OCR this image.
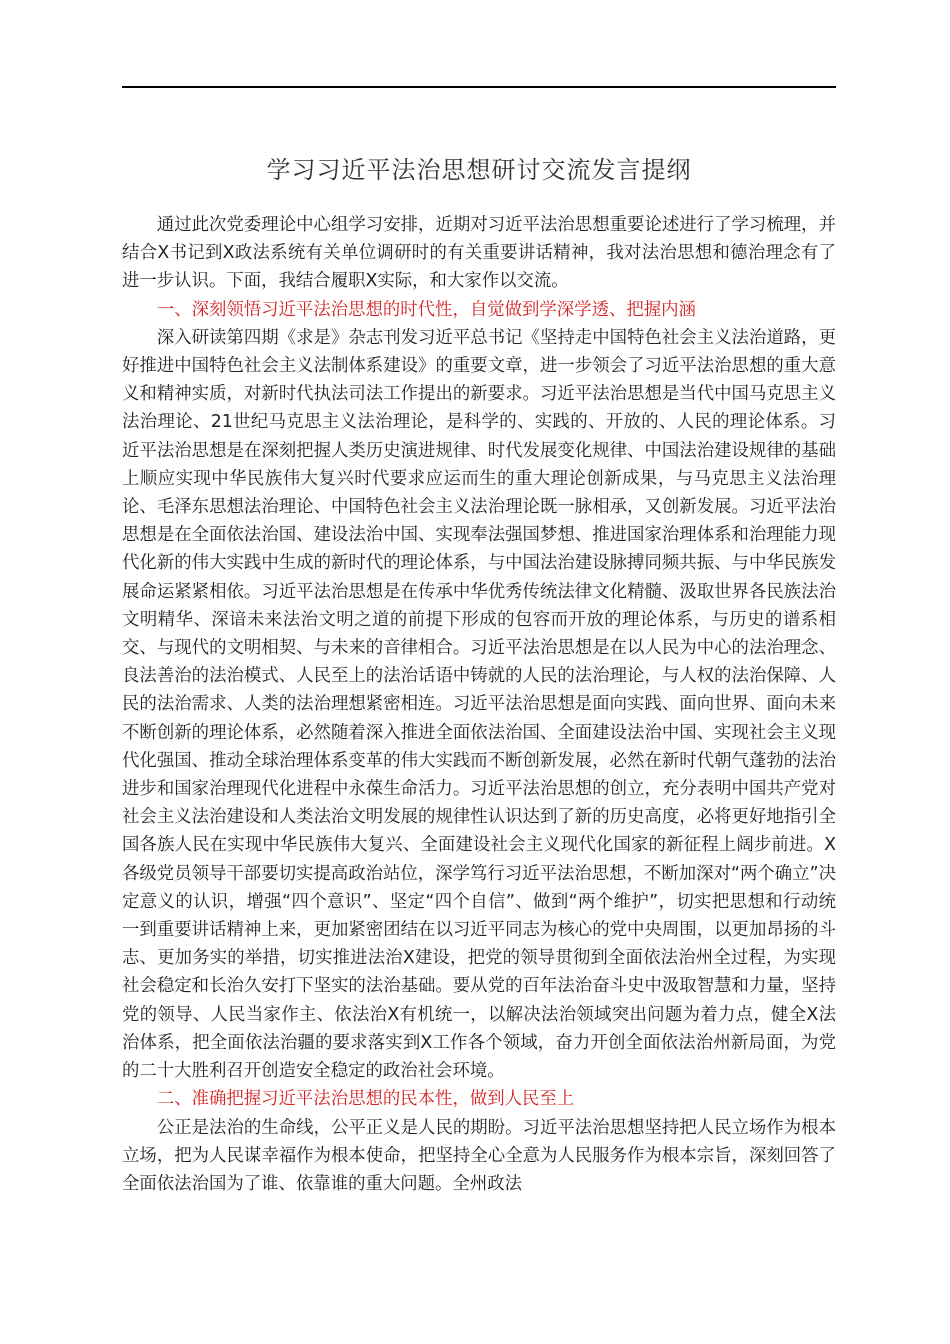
学习习近平法治思想研讨交流发言提纲

通过此次党委理论中心组学习安排，近期对习近平法治思想重要论述进行了学习梳理，并结合X书记到X政法系统有关单位调研时的有关重要讲话精神，我对法治思想和德治理念有了进一步认识。下面，我结合履职X实际，和大家作以交流。

一、深刻领悟习近平法治思想的时代性，自觉做到学深学透、把握内涵

深入研读第四期《求是》杂志刊发习近平总书记《坚持走中国特色社会主义法治道路，更好推进中国特色社会主义法制体系建设》的重要文章，进一步领会了习近平法治思想的重大意义和精神实质，对新时代执法司法工作提出的新要求。习近平法治思想是当代中国马克思主义法治理论、21世纪马克思主义法治理论，是科学的、实践的、开放的、人民的理论体系。习近平法治思想是在深刻把握人类历史演进规律、时代发展变化规律、中国法治建设规律的基础上顺应实现中华民族伟大复兴时代要求应运而生的重大理论创新成果，与马克思主义法治理论、毛泽东思想法治理论、中国特色社会主义法治理论既一脉相承，又创新发展。习近平法治思想是在全面依法治国、建设法治中国、实现奉法强国梦想、推进国家治理体系和治理能力现代化新的伟大实践中生成的新时代的理论体系，与中国法治建设脉搏同频共振、与中华民族发展命运紧紧相依。习近平法治思想是在传承中华优秀传统法律文化精髓、汲取世界各民族法治文明精华、深谙未来法治文明之道的前提下形成的包容而开放的理论体系，与历史的谱系相交、与现代的文明相契、与未来的音律相合。习近平法治思想是在以人民为中心的法治理念、良法善治的法治模式、人民至上的法治话语中铸就的人民的法治理论，与人权的法治保障、人民的法治需求、人类的法治理想紧密相连。习近平法治思想是面向实践、面向世界、面向未来不断创新的理论体系，必然随着深入推进全面依法治国、全面建设法治中国、实现社会主义现代化强国、推动全球治理体系变革的伟大实践而不断创新发展，必然在新时代朝气蓬勃的法治进步和国家治理现代化进程中永葆生命活力。习近平法治思想的创立，充分表明中国共产党对社会主义法治建设和人类法治文明发展的规律性认识达到了新的历史高度，必将更好地指引全国各族人民在实现中华民族伟大复兴、全面建设社会主义现代化国家的新征程上阔步前进。X各级党员领导干部要切实提高政治站位，深学笃行习近平法治思想，不断加深对“两个确立”决定意义的认识，增强“四个意识”、坚定“四个自信”、做到“两个维护”，切实把思想和行动统一到重要讲话精神上来，更加紧密团结在以习近平同志为核心的党中央周围，以更加昂扬的斗志、更加务实的举措，切实推进法治X建设，把党的领导贯彻到全面依法治州全过程，为实现社会稳定和长治久安打下坚实的法治基础。要从党的百年法治奋斗史中汲取智慧和力量，坚持党的领导、人民当家作主、依法治X有机统一，以解决法治领域突出问题为着力点，健全X法治体系，把全面依法治疆的要求落实到X工作各个领域，奋力开创全面依法治州新局面，为党的二十大胜利召开创造安全稳定的政治社会环境。

二、准确把握习近平法治思想的民本性，做到人民至上

公正是法治的生命线，公平正义是人民的期盼。习近平法治思想坚持把人民立场作为根本立场，把为人民谋幸福作为根本使命，把坚持全心全意为人民服务作为根本宗旨，深刻回答了全面依法治国为了谁、依靠谁的重大问题。全州政法
